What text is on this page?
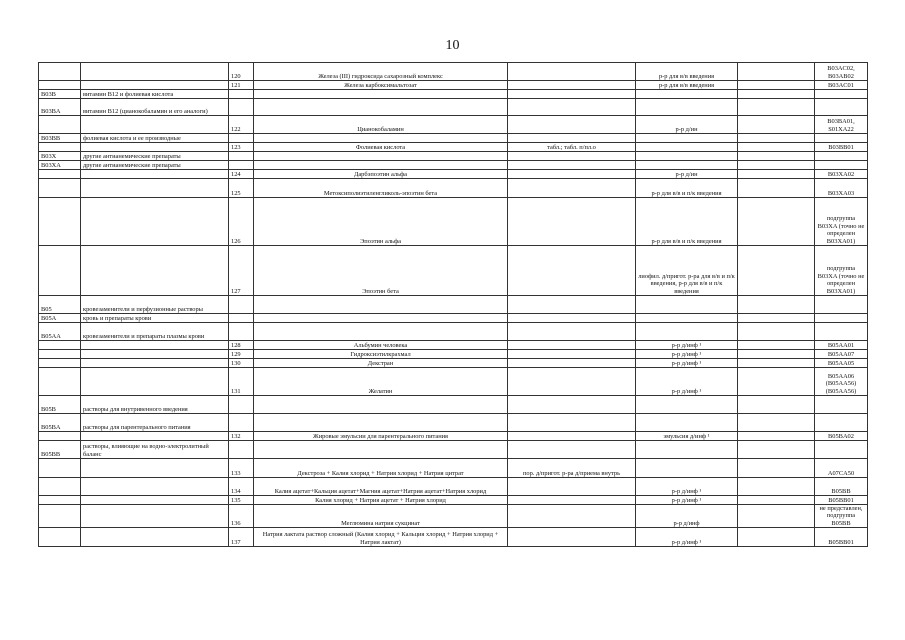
10
		120	Железа (III) гидроксида сахарозный комплекс		р-р для в/в введения		B03AC02, B03AB02
		121	Железа карбоксимальтозат		р-р для в/в введения		B03AC01
B03B	витамин B12 и фолиевая кислота						
B03BA	витамин B12 (цианокобаламин и его аналоги)						
		122	Цианокобаламин		р-р д/ин		B03BA01, S01XA22
B03BB	фолиевая кислота и ее производные						
		123	Фолиевая кислота	табл.; табл. п/пл.о			B03BB01
B03X	другие антианемические препараты						
B03XA	другие антианемические препараты						
		124	Дарбэпоэтин альфа		р-р д/ин		B03XA02
		125	Метоксиполиэтиленгликоль-эпоэтин бета		р-р для в/в и п/к введения		B03XA03
		126	Эпоэтин альфа		р-р для в/в и п/к введения		подгруппа B03XA (точно не определен B03XA01)
		127	Эпоэтин бета		лиофил. д/пригот. р-ра для в/в и п/к введения, р-р для в/в и п/к введения		подгруппа B03XA (точно не определен B03XA01)
B05	кровезаменители и перфузионные растворы						
B05A	кровь и препараты крови						
B05AA	кровезаменители и препараты плазмы крови						
		128	Альбумин человека		р-р д/инф ¹		B05AA01
		129	Гидроксиэтилкрахмал		р-р д/инф ¹		B05AA07
		130	Декстран		р-р д/инф ¹		B05AA05
		131	Желатин		р-р д/инф ¹		B05AA06 (B05AA56) (B05AA56)
B05B	растворы для внутривенного введения						
B05BA	растворы для парентерального питания						
		132	Жировые эмульсии для парентерального питания		эмульсия д/инф ¹		B05BA02
B05BB	растворы, влияющие на водно-электролитный баланс						
		133	Декстроза + Калия хлорид + Натрия хлорид + Натрия цитрат	пор. д/пригот. р-ра д/приема внутрь			A07CA50
		134	Калия ацетат+Кальция ацетат+Магния ацетат+Натрия ацетат+Натрия хлорид		р-р д/инф ¹		B05BB
		135	Калия хлорид + Натрия ацетат + Натрия хлорид		р-р д/инф ¹		B05BB01
		136	Меглюмина натрия сукцинат		р-р д/инф		не представлен, подгруппа B05BB
		137	Натрия лактата раствор сложный (Калия хлорид + Кальция хлорид + Натрия хлорид + Натрия лактат)		р-р д/инф ¹		B05BB01
